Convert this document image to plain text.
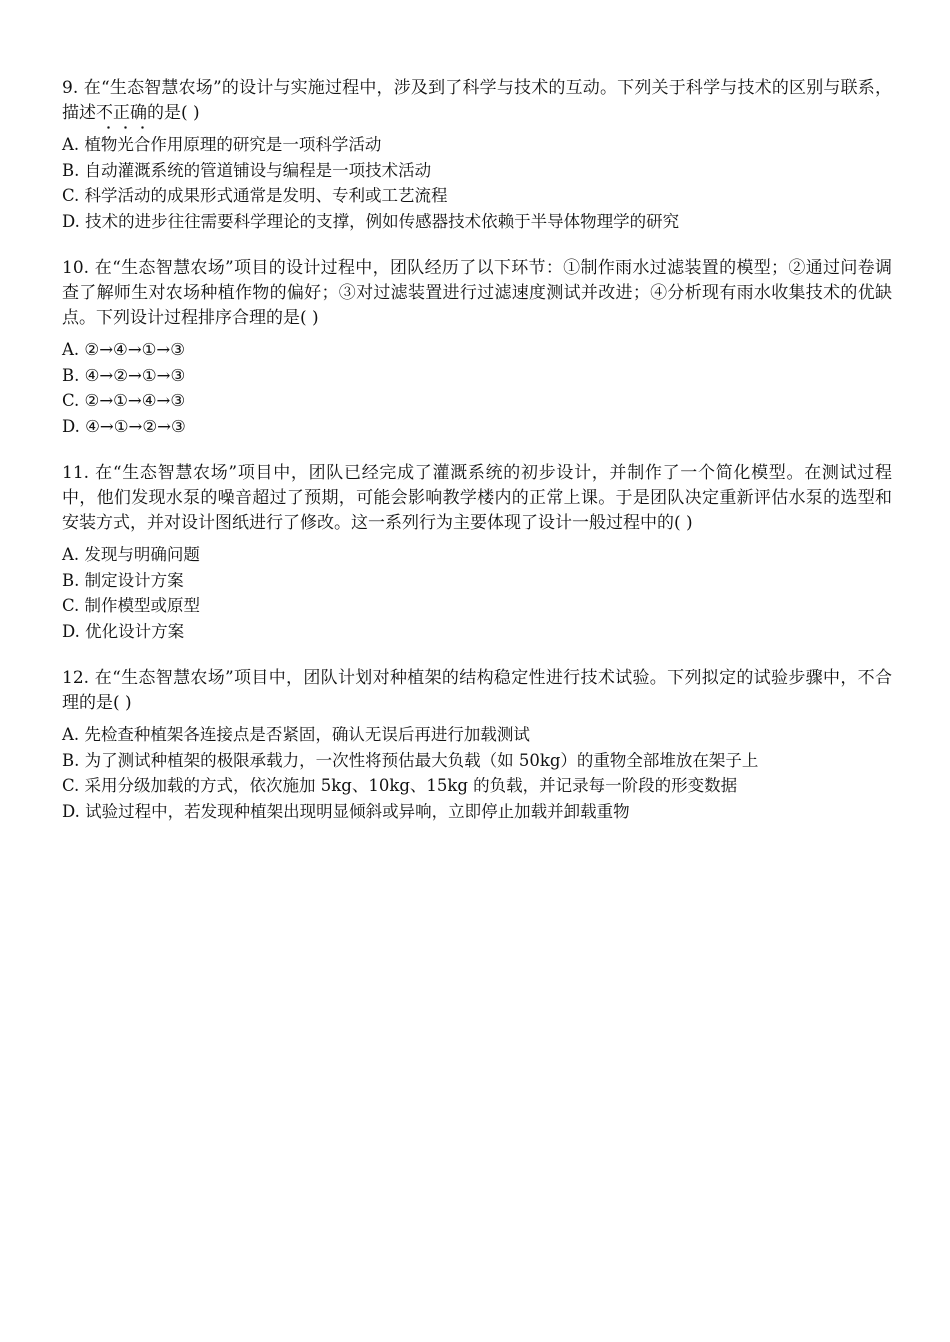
9. 在“生态智慧农场”的设计与实施过程中，涉及到了科学与技术的互动。下列关于科学与技术的区别与联系，描述不正确的是( )

A. 植物光合作用原理的研究是一项科学活动
B. 自动灌溉系统的管道铺设与编程是一项技术活动
C. 科学活动的成果形式通常是发明、专利或工艺流程
D. 技术的进步往往需要科学理论的支撑，例如传感器技术依赖于半导体物理学的研究

10. 在“生态智慧农场”项目的设计过程中，团队经历了以下环节：①制作雨水过滤装置的模型；②通过问卷调查了解师生对农场种植作物的偏好；③对过滤装置进行过滤速度测试并改进；④分析现有雨水收集技术的优缺点。下列设计过程排序合理的是( )

A. ②→④→①→③
B. ④→②→①→③
C. ②→①→④→③
D. ④→①→②→③

11. 在“生态智慧农场”项目中，团队已经完成了灌溉系统的初步设计，并制作了一个简化模型。在测试过程中，他们发现水泵的噪音超过了预期，可能会影响教学楼内的正常上课。于是团队决定重新评估水泵的选型和安装方式，并对设计图纸进行了修改。这一系列行为主要体现了设计一般过程中的( )

A. 发现与明确问题
B. 制定设计方案
C. 制作模型或原型
D. 优化设计方案

12. 在“生态智慧农场”项目中，团队计划对种植架的结构稳定性进行技术试验。下列拟定的试验步骤中，不合理的是( )

A. 先检查种植架各连接点是否紧固，确认无误后再进行加载测试
B. 为了测试种植架的极限承载力，一次性将预估最大负载（如 50kg）的重物全部堆放在架子上
C. 采用分级加载的方式，依次施加 5kg、10kg、15kg 的负载，并记录每一阶段的形变数据
D. 试验过程中，若发现种植架出现明显倾斜或异响，立即停止加载并卸载重物
